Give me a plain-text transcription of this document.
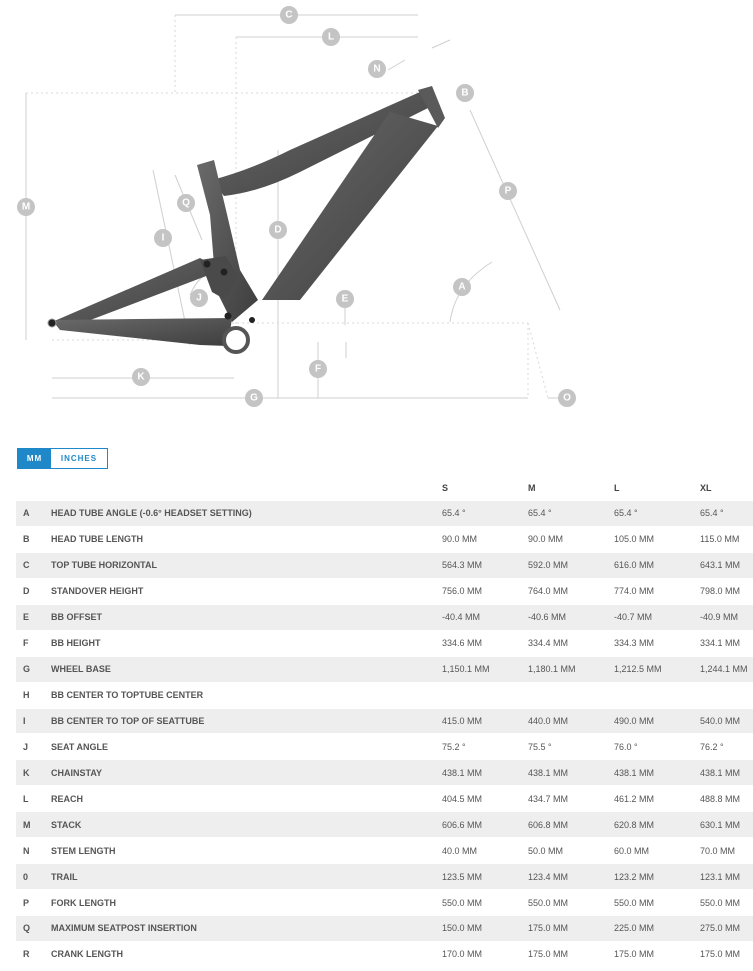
C
L
N
B
M
P
Q
D
I
A
J	E
F
K
G	O
MM	INCHES
S	M	L	XL
A HEAD TUBE ANGLE (-0.6° HEADSET SETTING)	65.4 °	65.4 °	65.4 °	65.4 °
B HEAD TUBE LENGTH	90.0 MM	90.0 MM	105.0 MM	115.0 MM
C TOP TUBE HORIZONTAL	564.3 MM	592.0 MM	616.0 MM	643.1 MM
D STANDOVER HEIGHT	756.0 MM	764.0 MM	774.0 MM	798.0 MM
E BB OFFSET	-40.4 MM	-40.6 MM	-40.7 MM	-40.9 MM
F	BB HEIGHT	334.6 MM	334.4 MM	334.3 MM	334.1 MM
G WHEEL BASE	1,150.1 MM	1,180.1 MM	1,212.5 MM	1,244.1 MM
H BB CENTER TO TOPTUBE CENTER
I	BB CENTER TO TOP OF SEATTUBE	415.0 MM	440.0 MM	490.0 MM	540.0 MM
J	SEAT ANGLE	75.2 °	75.5 °	76.0 °	76.2 °
K CHAINSTAY	438.1 MM	438.1 MM	438.1 MM	438.1 MM
L	REACH	404.5 MM	434.7 MM	461.2 MM	488.8 MM
M STACK	606.6 MM	606.8 MM	620.8 MM	630.1 MM
N STEM LENGTH	40.0 MM	50.0 MM	60.0 MM	70.0 MM
0	TRAIL	123.5 MM	123.4 MM	123.2 MM	123.1 MM
P FORK LENGTH	550.0 MM	550.0 MM	550.0 MM	550.0 MM
Q MAXIMUM SEATPOST INSERTION	150.0 MM	175.0 MM	225.0 MM	275.0 MM
R CRANK LENGTH	170.0 MM	175.0 MM	175.0 MM	175.0 MM
